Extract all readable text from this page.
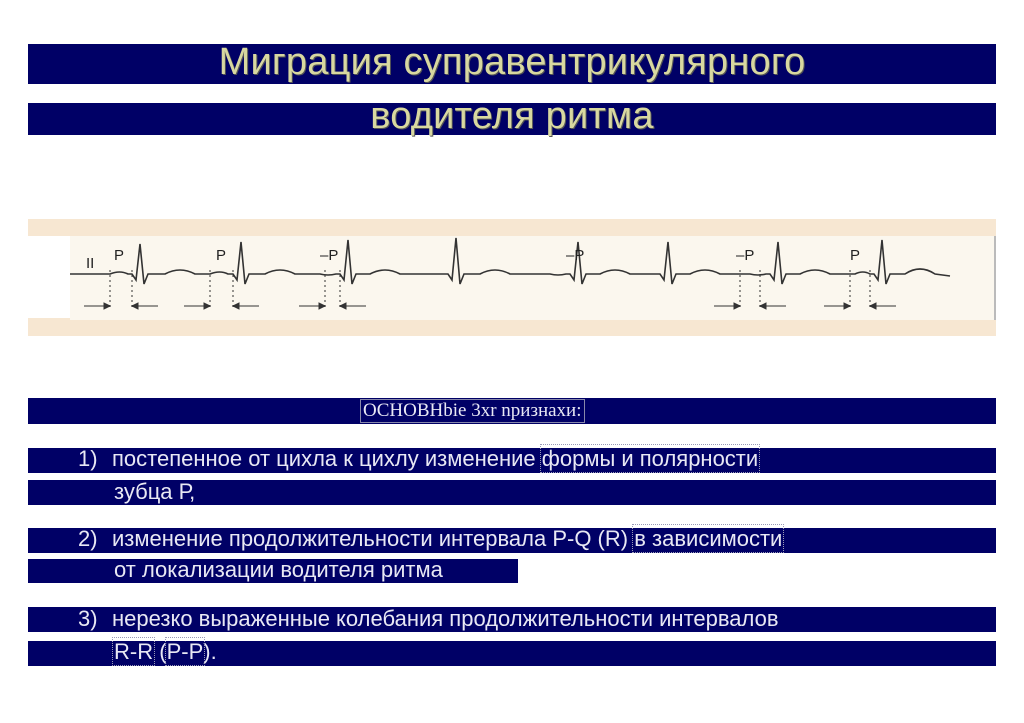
Миграция суправентрикулярного
водителя ритма
II P	P	–P	–P	–P	P
ОCHOBHbie 3xr nризнахи:
1) постепенное от цихла к цихлу изменение формы и полярности
зубца Р,
2) изменение продолжительности интервала P-Q (R) в зависимости
от локализации водителя ритма
3) нерезко выраженные колебания продолжительности интервалов
R-R (P-P).
